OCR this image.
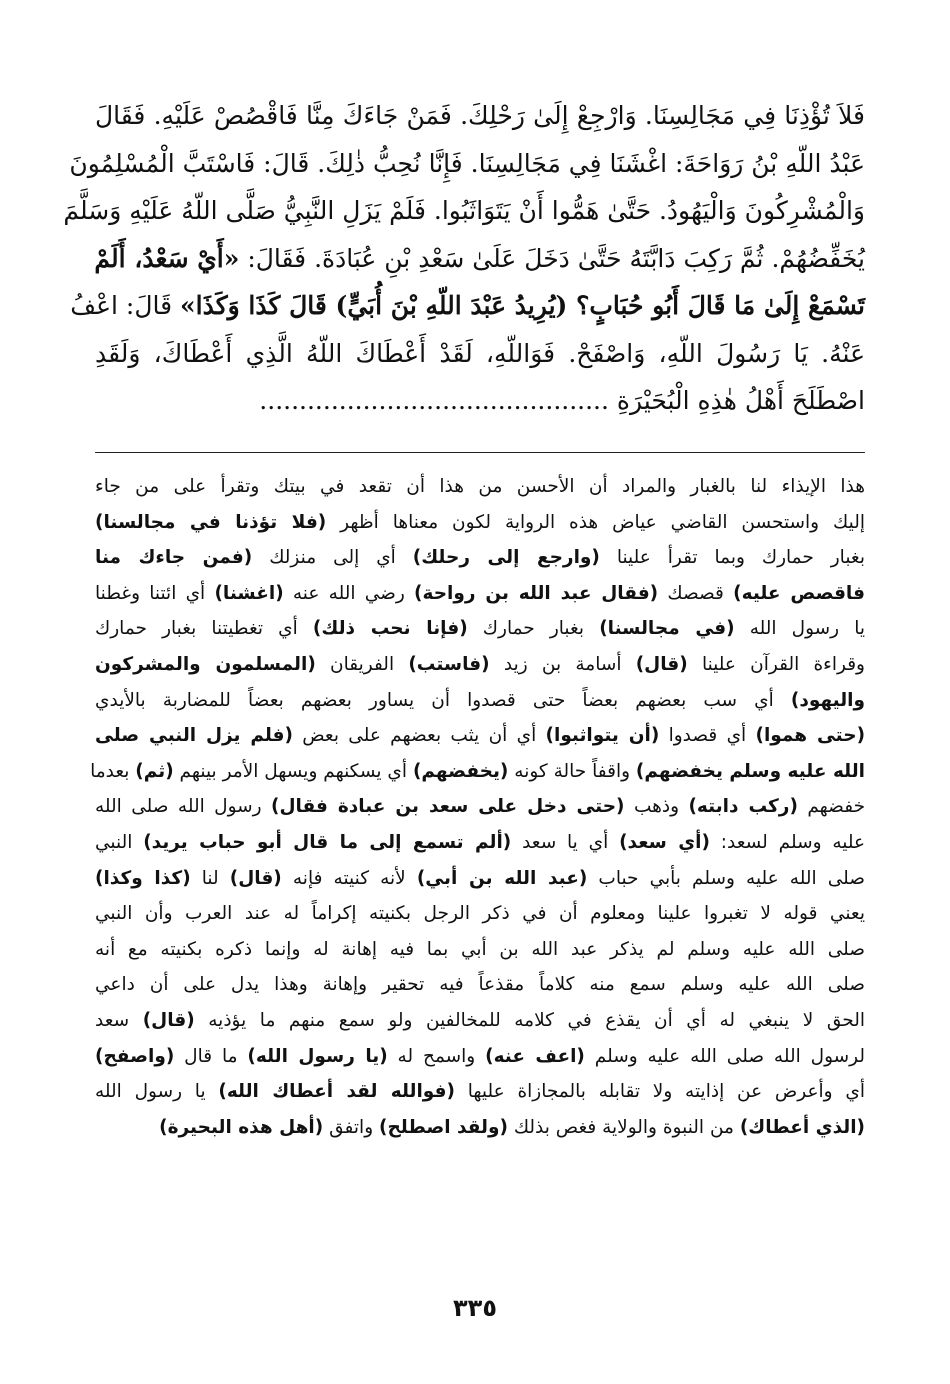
فَلاَ تُؤْذِنَا فِي مَجَالِسِنَا. وَارْجِعْ إِلَىٰ رَحْلِكَ. فَمَنْ جَاءَكَ مِنَّا فَاقْصُصْ عَلَيْهِ. فَقَالَ
عَبْدُ اللّهِ بْنُ رَوَاحَةَ: اغْشَنَا فِي مَجَالِسِنَا. فَإِنَّا نُحِبُّ ذٰلِكَ. قَالَ: فَاسْتَبَّ الْمُسْلِمُونَ
وَالْمُشْرِكُونَ وَالْيَهُودُ. حَتَّىٰ هَمُّوا أَنْ يَتَوَاثَبُوا. فَلَمْ يَزَلِ النَّبِيُّ صَلَّى اللّهُ عَلَيْهِ وَسَلَّمَ
يُخَفِّضُهُمْ. ثُمَّ رَكِبَ دَابَّتَهُ حَتَّىٰ دَخَلَ عَلَىٰ سَعْدِ بْنِ عُبَادَةَ. فَقَالَ: «أَيْ سَعْدُ، أَلَمْ
تَسْمَعْ إِلَىٰ مَا قَالَ أَبُو حُبَابٍ؟ (يُرِيدُ عَبْدَ اللّهِ بْنَ أُبَيٍّ) قَالَ كَذَا وَكَذَا» قَالَ: اعْفُ
عَنْهُ. يَا رَسُولَ اللّهِ، وَاصْفَحْ. فَوَاللّهِ، لَقَدْ أَعْطَاكَ اللّهُ الَّذِي أَعْطَاكَ، وَلَقَدِ
اصْطَلَحَ أَهْلُ هٰذِهِ الْبُحَيْرَةِ ............................................
هذا الإيذاء لنا بالغبار والمراد أن الأحسن من هذا أن تقعد في بيتك وتقرأ على من جاء
إليك واستحسن القاضي عياض هذه الرواية لكون معناها أظهر (فلا تؤذنا في مجالسنا)
بغبار حمارك وبما تقرأ علينا (وارجع إلى رحلك) أي إلى منزلك (فمن جاءك منا
فاقصص عليه) قصصك (فقال عبد الله بن رواحة) رضي الله عنه (اغشنا) أي ائتنا وغطنا
يا رسول الله (في مجالسنا) بغبار حمارك (فإنا نحب ذلك) أي تغطيتنا بغبار حمارك
وقراءة القرآن علينا (قال) أسامة بن زيد (فاستب) الفريقان (المسلمون والمشركون
واليهود) أي سب بعضهم بعضاً حتى قصدوا أن يساور بعضهم بعضاً للمضاربة بالأيدي
(حتى هموا) أي قصدوا (أن يتواثبوا) أي أن يثب بعضهم على بعض (فلم يزل النبي صلى
الله عليه وسلم يخفضهم) واقفاً حالة كونه (يخفضهم) أي يسكنهم ويسهل الأمر بينهم (ثم) بعدما
خفضهم (ركب دابته) وذهب (حتى دخل على سعد بن عبادة فقال) رسول الله صلى الله
عليه وسلم لسعد: (أي سعد) أي يا سعد (ألم تسمع إلى ما قال أبو حباب يريد) النبي
صلى الله عليه وسلم بأبي حباب (عبد الله بن أبي) لأنه كنيته فإنه (قال) لنا (كذا وكذا)
يعني قوله لا تغبروا علينا ومعلوم أن في ذكر الرجل بكنيته إكراماً له عند العرب وأن النبي
صلى الله عليه وسلم لم يذكر عبد الله بن أبي بما فيه إهانة له وإنما ذكره بكنيته مع أنه
صلى الله عليه وسلم سمع منه كلاماً مقذعاً فيه تحقير وإهانة وهذا يدل على أن داعي
الحق لا ينبغي له أي أن يقذع في كلامه للمخالفين ولو سمع منهم ما يؤذيه (قال) سعد
لرسول الله صلى الله عليه وسلم (اعف عنه) واسمح له (يا رسول الله) ما قال (واصفح)
أي وأعرض عن إذايته ولا تقابله بالمجازاة عليها (فوالله لقد أعطاك الله) يا رسول الله
(الذي أعطاك) من النبوة والولاية فغص بذلك (ولقد اصطلح) واتفق (أهل هذه البحيرة)
٣٣٥
